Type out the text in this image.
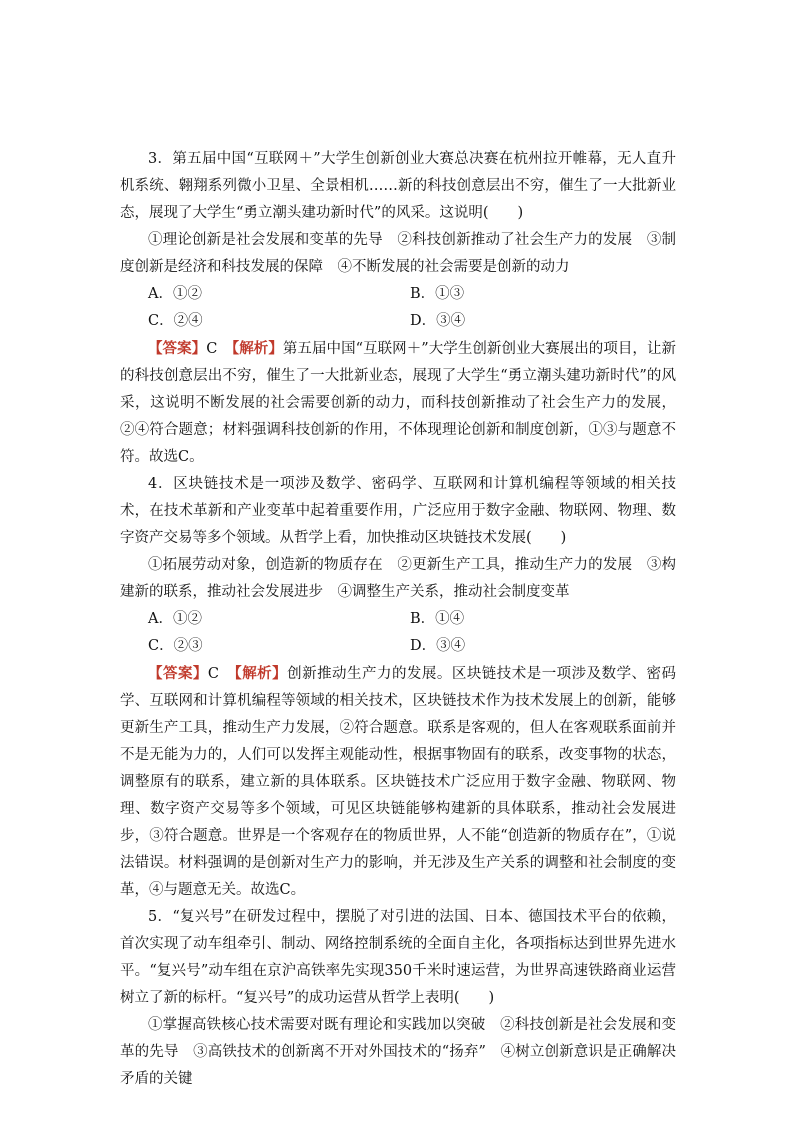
3．第五届中国“互联网＋”大学生创新创业大赛总决赛在杭州拉开帷幕，无人直升机系统、翱翔系列微小卫星、全景相机……新的科技创意层出不穷，催生了一大批新业态，展现了大学生“勇立潮头建功新时代”的风采。这说明(　　)

①理论创新是社会发展和变革的先导　②科技创新推动了社会生产力的发展　③制度创新是经济和科技发展的保障　④不断发展的社会需要是创新的动力

A．①②	B．①③
C．②④	D．③④

【答案】C　 【解析】第五届中国“互联网＋”大学生创新创业大赛展出的项目，让新的科技创意层出不穷，催生了一大批新业态，展现了大学生“勇立潮头建功新时代”的风采，这说明不断发展的社会需要创新的动力，而科技创新推动了社会生产力的发展，②④符合题意；材料强调科技创新的作用，不体现理论创新和制度创新，①③与题意不符。故选C。

4．区块链技术是一项涉及数学、密码学、互联网和计算机编程等领域的相关技术，在技术革新和产业变革中起着重要作用，广泛应用于数字金融、物联网、物理、数字资产交易等多个领域。从哲学上看，加快推动区块链技术发展(　　)

①拓展劳动对象，创造新的物质存在　②更新生产工具，推动生产力的发展　③构建新的联系，推动社会发展进步　④调整生产关系，推动社会制度变革

A．①②	B．①④
C．②③	D．③④

【答案】C　 【解析】创新推动生产力的发展。区块链技术是一项涉及数学、密码学、互联网和计算机编程等领域的相关技术，区块链技术作为技术发展上的创新，能够更新生产工具，推动生产力发展，②符合题意。联系是客观的，但人在客观联系面前并不是无能为力的，人们可以发挥主观能动性，根据事物固有的联系，改变事物的状态，调整原有的联系，建立新的具体联系。区块链技术广泛应用于数字金融、物联网、物理、数字资产交易等多个领域，可见区块链能够构建新的具体联系，推动社会发展进步，③符合题意。世界是一个客观存在的物质世界，人不能“创造新的物质存在”，①说法错误。材料强调的是创新对生产力的影响，并无涉及生产关系的调整和社会制度的变革，④与题意无关。故选C。

5．“复兴号”在研发过程中，摆脱了对引进的法国、日本、德国技术平台的依赖，首次实现了动车组牵引、制动、网络控制系统的全面自主化，各项指标达到世界先进水平。“复兴号”动车组在京沪高铁率先实现350千米时速运营，为世界高速铁路商业运营树立了新的标杆。“复兴号”的成功运营从哲学上表明(　　)

①掌握高铁核心技术需要对既有理论和实践加以突破　②科技创新是社会发展和变革的先导　③高铁技术的创新离不开对外国技术的“扬弃”　④树立创新意识是正确解决矛盾的关键
